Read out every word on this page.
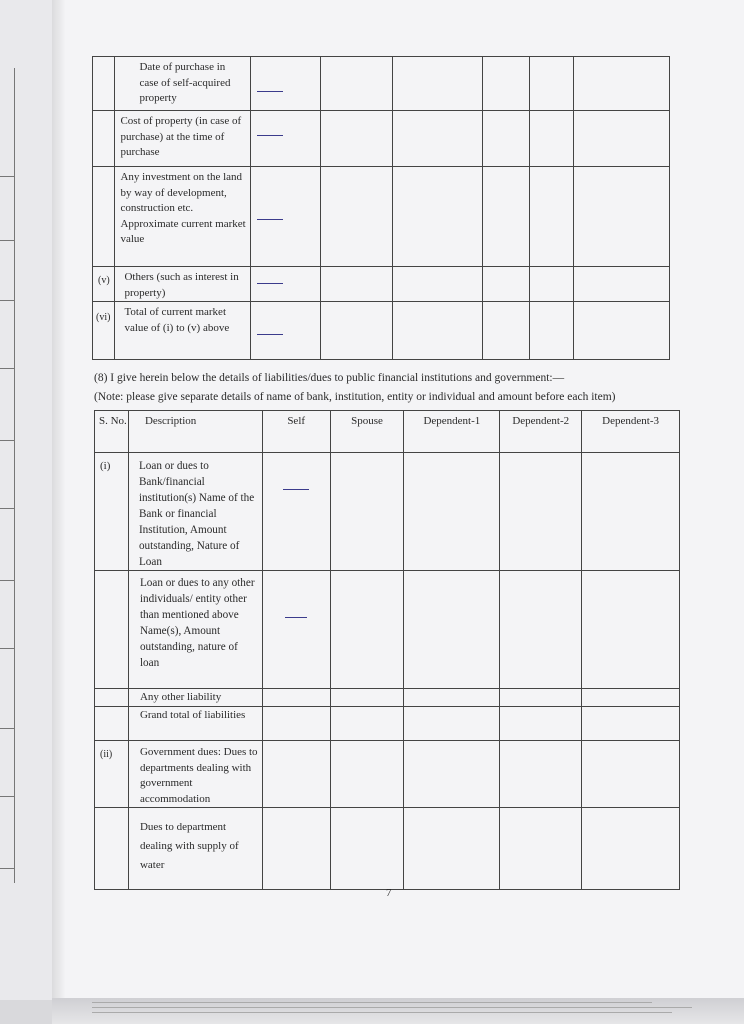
	Date of purchase in case of self-acquired property	

	Cost of property (in case of purchase) at the time of purchase	

	Any investment on the land by way of development, construction etc. Approximate current market value	

(v)	Others (such as interest in property)	

(vi)	Total of current market value of (i) to (v) above	

(8) I give herein below the details of liabilities/dues to public financial institutions and government:—
(Note: please give separate details of name of bank, institution, entity or individual and amount before each item)
S. No.	Description	Self	Spouse	Dependent-1	Dependent-2	Dependent-3
(i)	Loan or dues to Bank/financial institution(s) Name of the Bank or financial Institution, Amount outstanding, Nature of Loan	

	Loan or dues to any other individuals/ entity other than mentioned above Name(s), Amount outstanding, nature of loan	

	Any other liability					
	Grand total of liabilities					
(ii)	Government dues: Dues to departments dealing with government accommodation					
	Dues to department dealing with supply of water					
7
